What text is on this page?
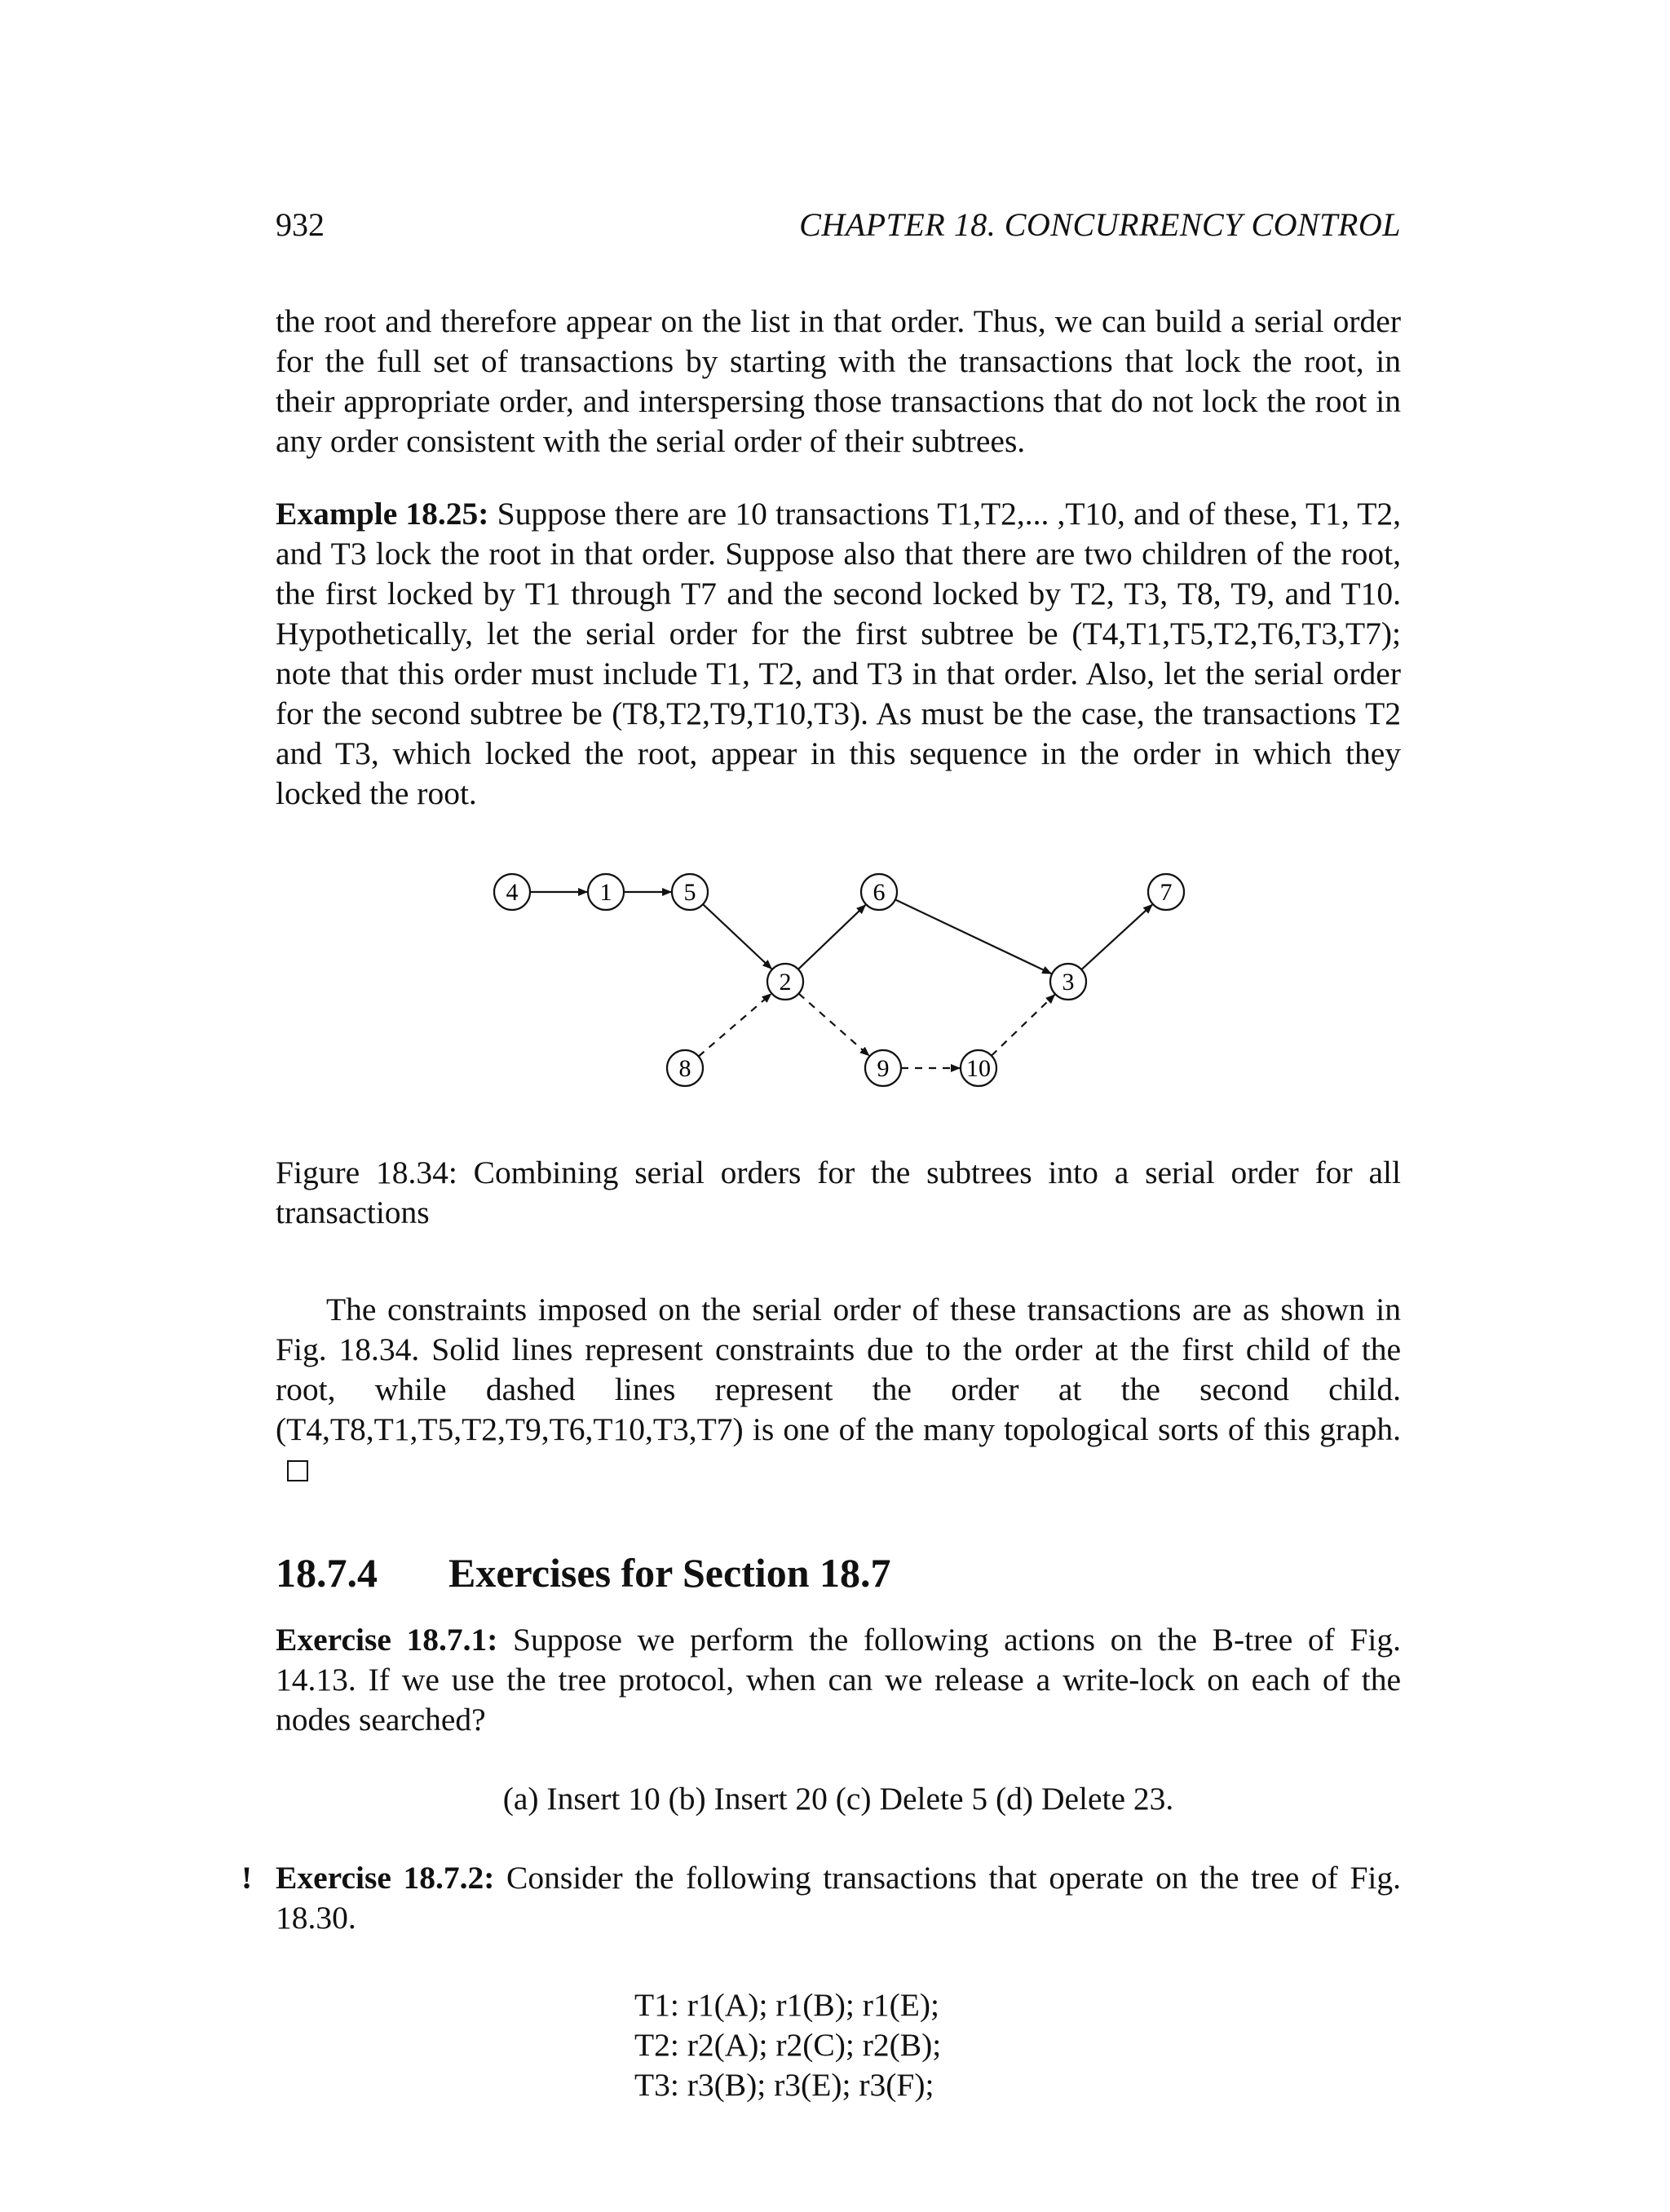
932	CHAPTER 18. CONCURRENCY CONTROL

the root and therefore appear on the list in that order. Thus, we can build a serial order for the full set of transactions by starting with the transactions that lock the root, in their appropriate order, and interspersing those transactions that do not lock the root in any order consistent with the serial order of their subtrees.

Example 18.25: Suppose there are 10 transactions T1,T2,... ,T10, and of these, T1, T2, and T3 lock the root in that order. Suppose also that there are two children of the root, the first locked by T1 through T7 and the second locked by T2, T3, T8, T9, and T10. Hypothetically, let the serial order for the first subtree be (T4,T1,T5,T2,T6,T3,T7); note that this order must include T1, T2, and T3 in that order. Also, let the serial order for the second subtree be (T8,T2,T9,T10,T3). As must be the case, the transactions T2 and T3, which locked the root, appear in this sequence in the order in which they locked the root.

4	1	5
2
6
3
7
8	9	10

Figure 18.34: Combining serial orders for the subtrees into a serial order for all transactions

The constraints imposed on the serial order of these transactions are as shown in Fig. 18.34. Solid lines represent constraints due to the order at the first child of the root, while dashed lines represent the order at the second child. (T4,T8,T1,T5,T2,T9,T6,T10,T3,T7) is one of the many topological sorts of this graph.

18.7.4 Exercises for Section 18.7

Exercise 18.7.1: Suppose we perform the following actions on the B-tree of Fig. 14.13. If we use the tree protocol, when can we release a write-lock on each of the nodes searched?

(a) Insert 10 (b) Insert 20 (c) Delete 5 (d) Delete 23.

! Exercise 18.7.2: Consider the following transactions that operate on the tree of Fig. 18.30.

T1: r1(A); r1(B); r1(E);
T2: r2(A); r2(C); r2(B);
T3: r3(B); r3(E); r3(F);
